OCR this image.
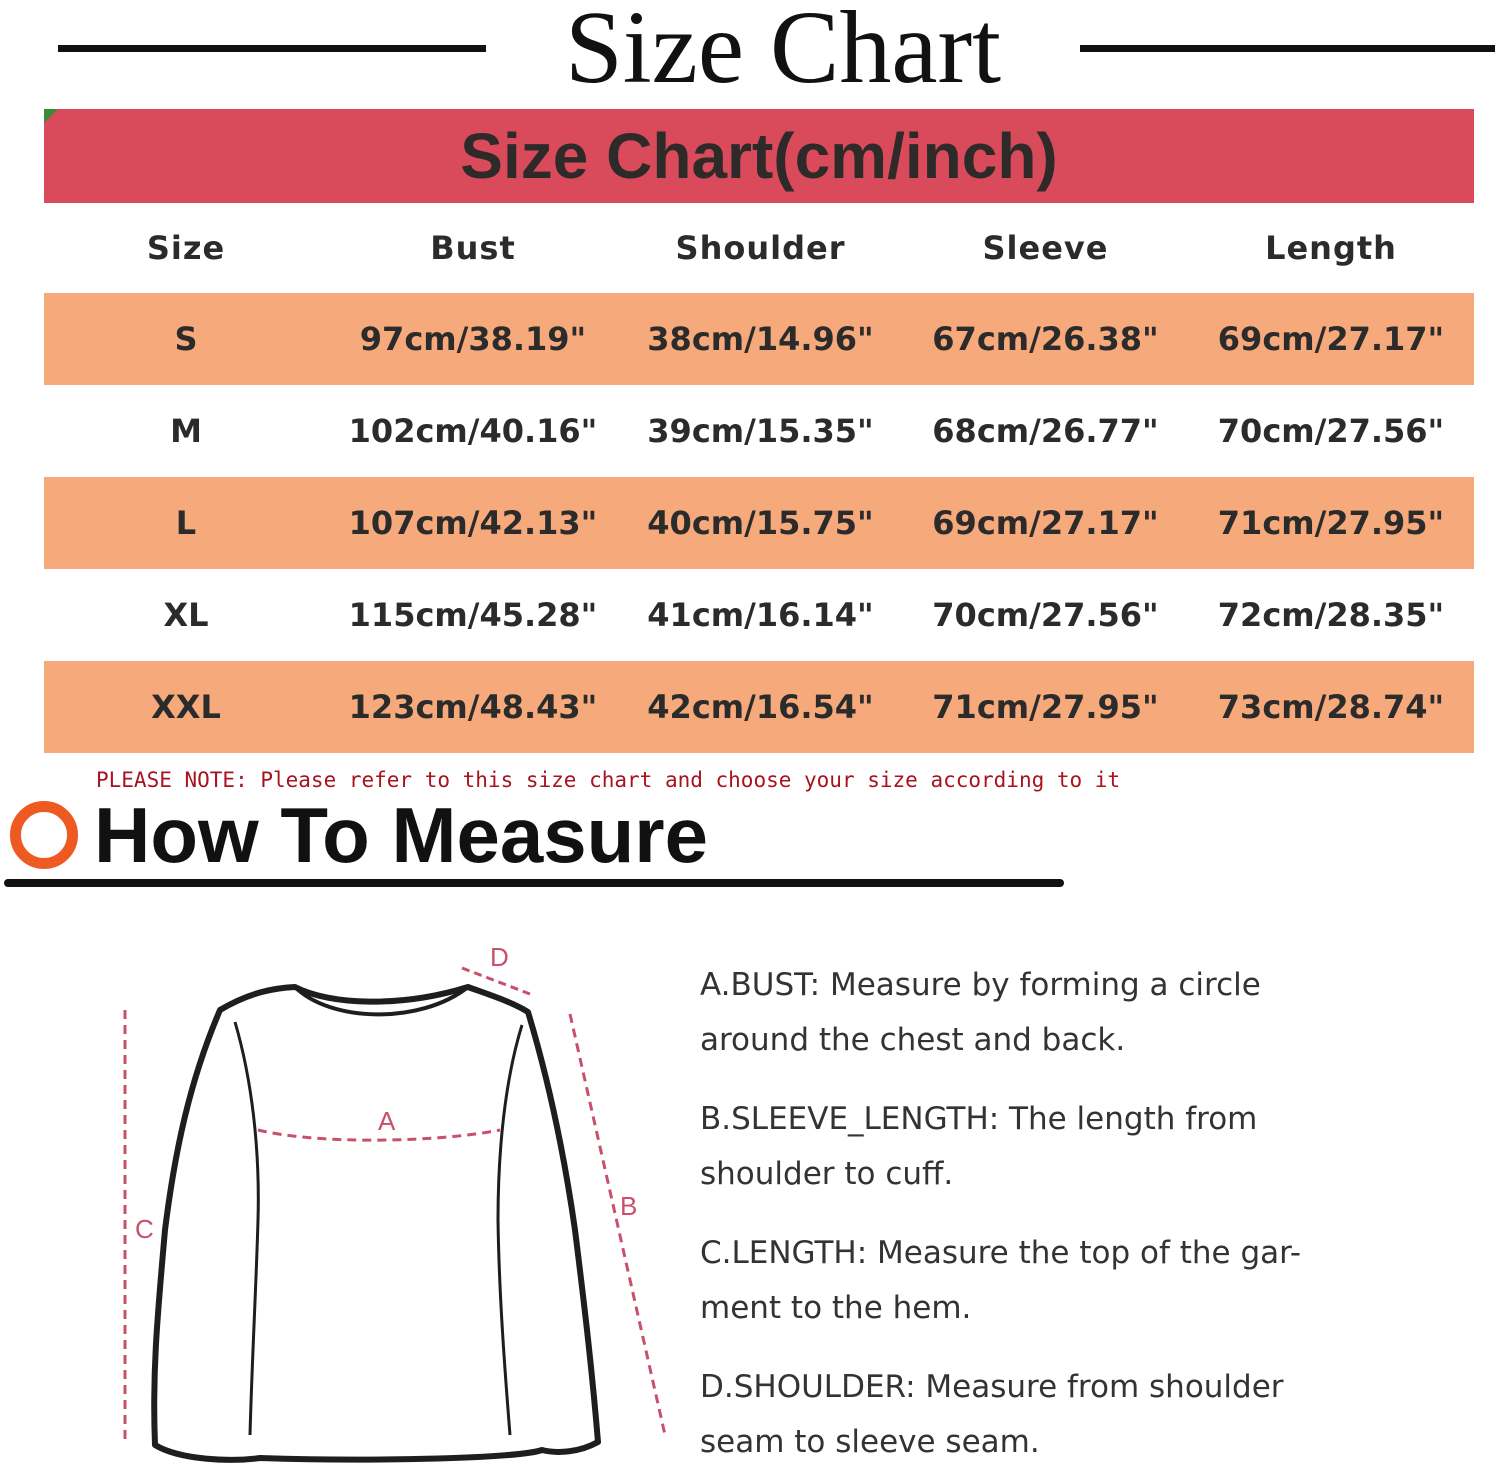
Size Chart
Size Chart(cm/inch)
Size	Bust	Shoulder	Sleeve	Length
S	97cm/38.19"	38cm/14.96"	67cm/26.38"	69cm/27.17"
M	102cm/40.16"	39cm/15.35"	68cm/26.77"	70cm/27.56"
L	107cm/42.13"	40cm/15.75"	69cm/27.17"	71cm/27.95"
XL	115cm/45.28"	41cm/16.14"	70cm/27.56"	72cm/28.35"
XXL	123cm/48.43"	42cm/16.54"	71cm/27.95"	73cm/28.74"
PLEASE NOTE: Please refer to this size chart and choose your size according to it
How To Measure
A
B
C
D
A.BUST: Measure by forming a circle
around the chest and back.
B.SLEEVE_LENGTH: The length from
shoulder to cuff.
C.LENGTH: Measure the top of the gar-
ment to the hem.
D.SHOULDER: Measure from shoulder
seam to sleeve seam.
